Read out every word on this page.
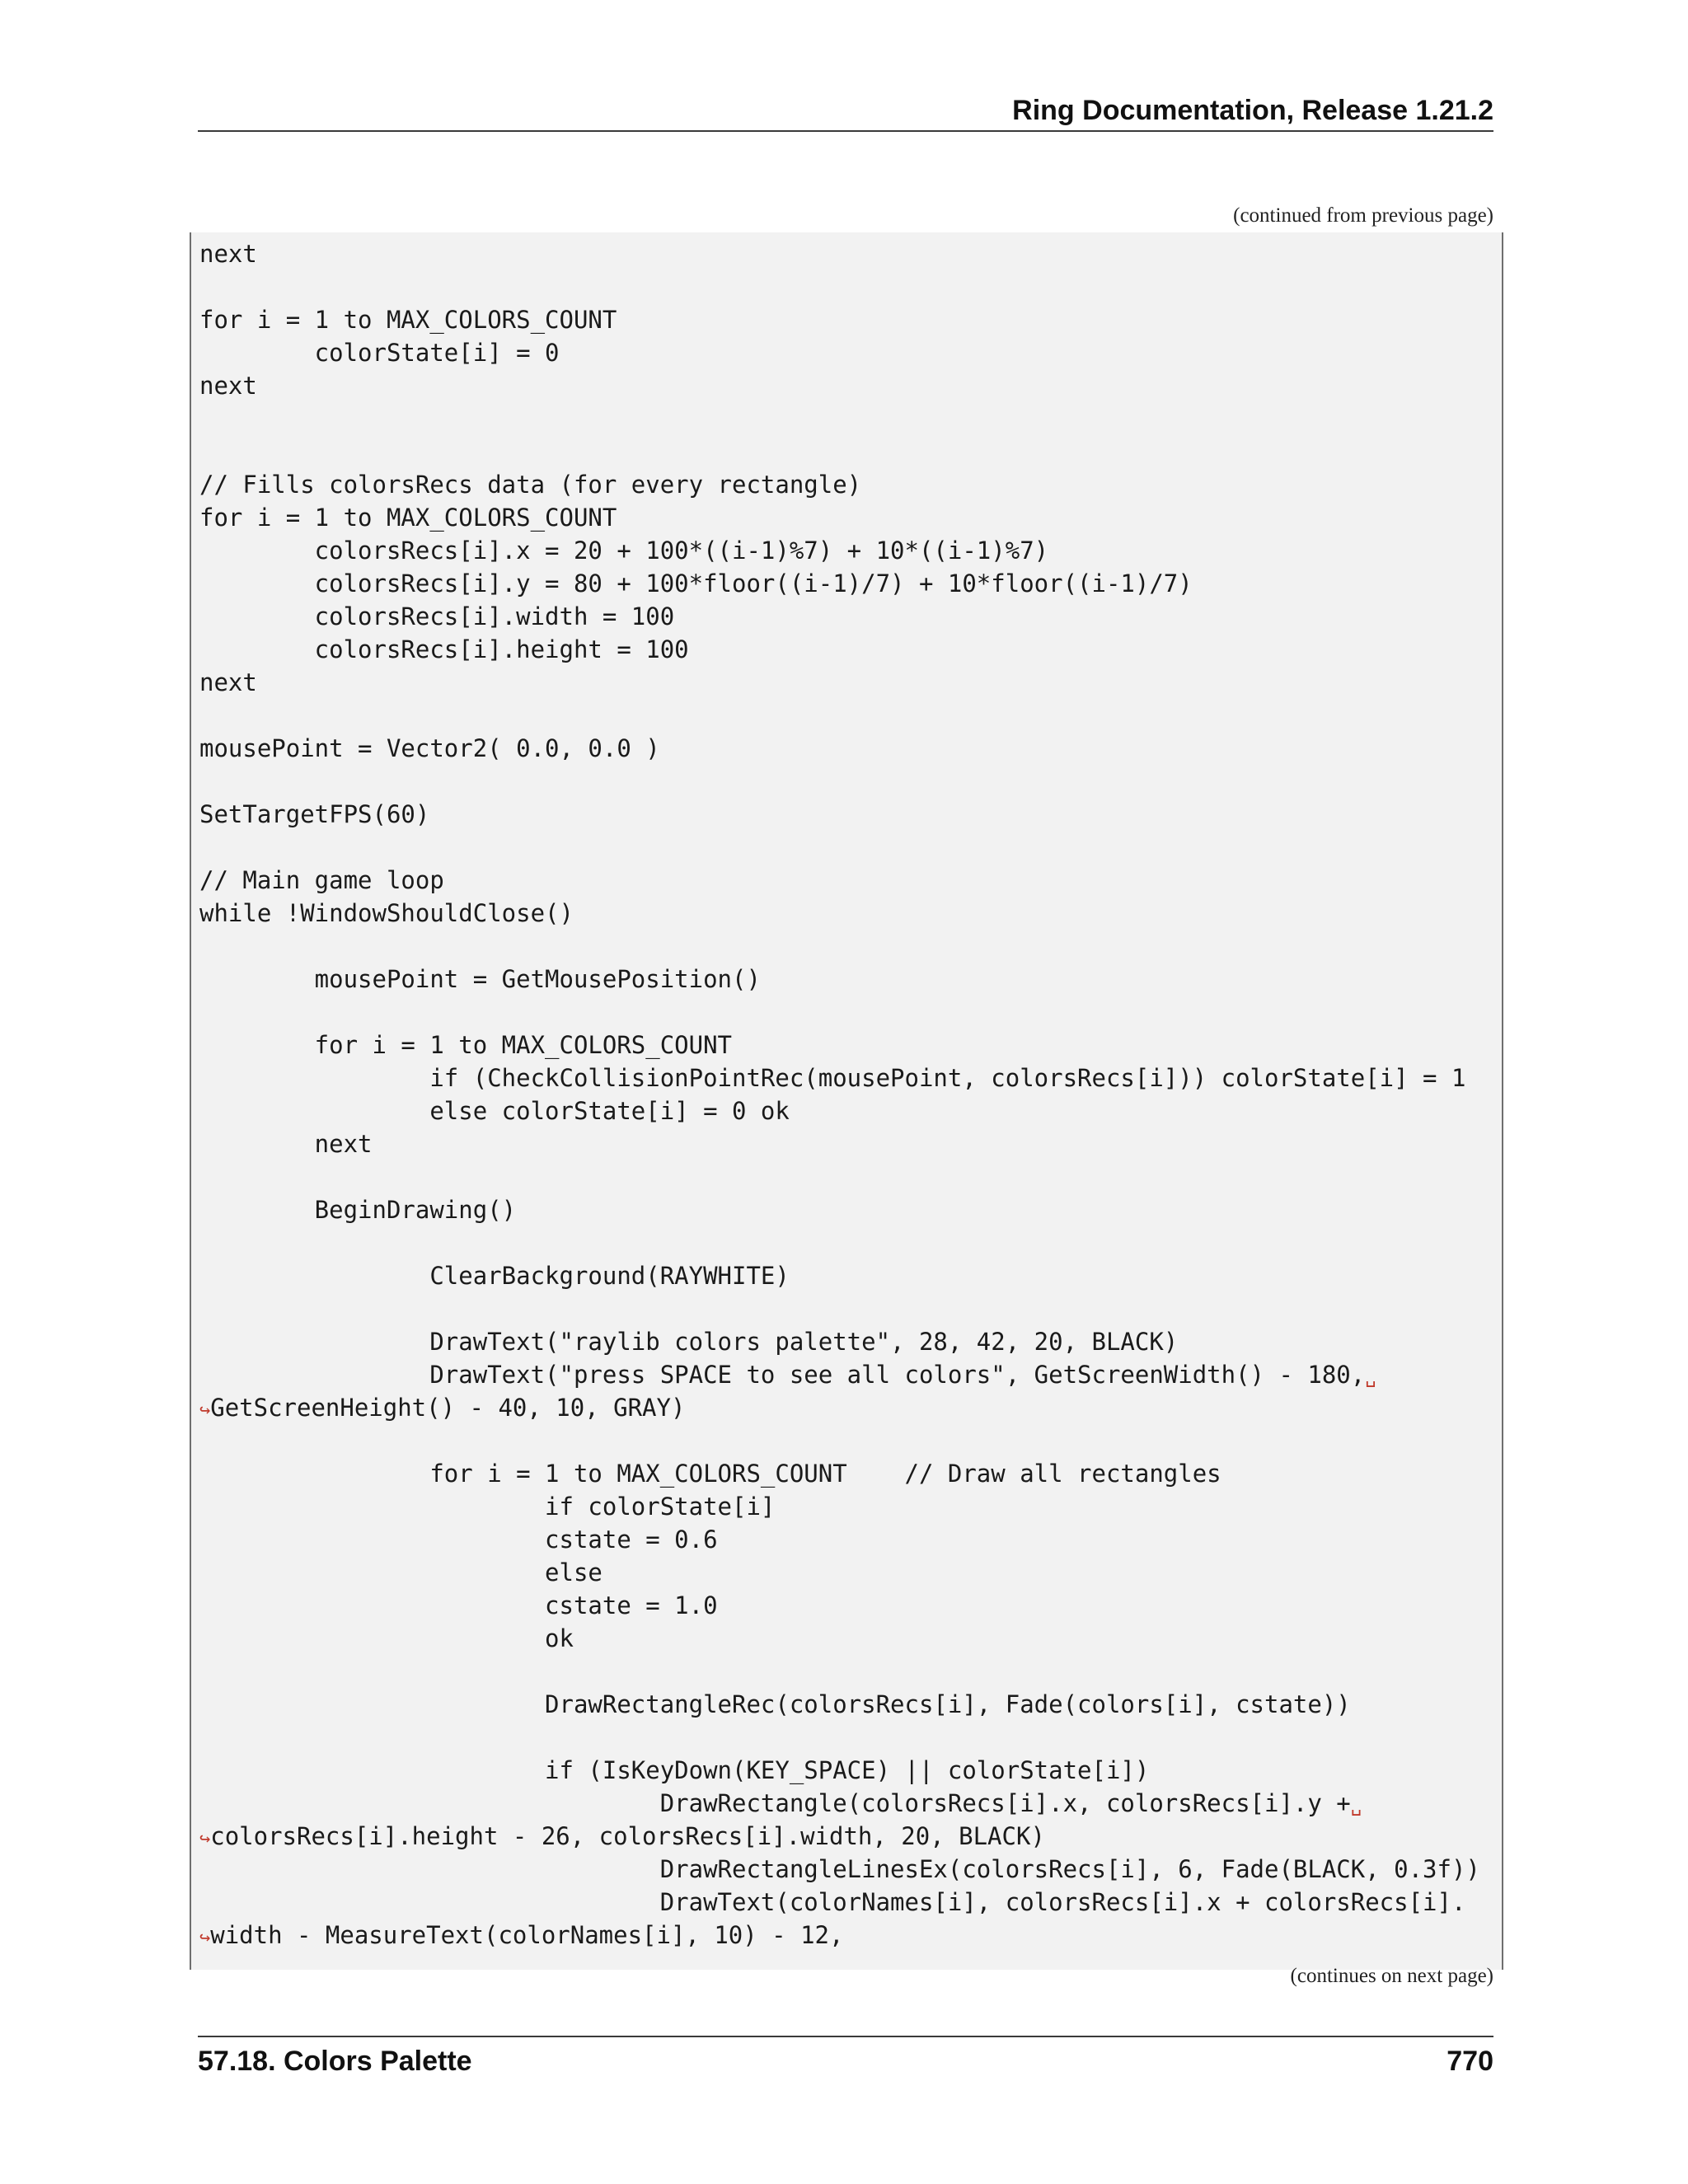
Ring Documentation, Release 1.21.2
(continued from previous page)
next
for i = 1 to MAX_COLORS_COUNT
colorState[i] = 0
next
// Fills colorsRecs data (for every rectangle)
for i = 1 to MAX_COLORS_COUNT
colorsRecs[i].x = 20 + 100*((i-1)%7) + 10*((i-1)%7)
colorsRecs[i].y = 80 + 100*floor((i-1)/7) + 10*floor((i-1)/7)
colorsRecs[i].width = 100
colorsRecs[i].height = 100
next
mousePoint = Vector2( 0.0, 0.0 )
SetTargetFPS(60)
// Main game loop
while !WindowShouldClose()
mousePoint = GetMousePosition()
for i = 1 to MAX_COLORS_COUNT
if (CheckCollisionPointRec(mousePoint, colorsRecs[i])) colorState[i] = 1
else colorState[i] = 0 ok
next
BeginDrawing()
ClearBackground(RAYWHITE)
DrawText("raylib colors palette", 28, 42, 20, BLACK)
DrawText("press SPACE to see all colors", GetScreenWidth() - 180,␣
↪GetScreenHeight() - 40, 10, GRAY)
for i = 1 to MAX_COLORS_COUNT    // Draw all rectangles
if colorState[i]
cstate = 0.6
else
cstate = 1.0
ok
DrawRectangleRec(colorsRecs[i], Fade(colors[i], cstate))
if (IsKeyDown(KEY_SPACE) || colorState[i])
DrawRectangle(colorsRecs[i].x, colorsRecs[i].y +␣
↪colorsRecs[i].height - 26, colorsRecs[i].width, 20, BLACK)
DrawRectangleLinesEx(colorsRecs[i], 6, Fade(BLACK, 0.3f))
DrawText(colorNames[i], colorsRecs[i].x + colorsRecs[i].
↪width - MeasureText(colorNames[i], 10) - 12,
(continues on next page)
57.18. Colors Palette	770
